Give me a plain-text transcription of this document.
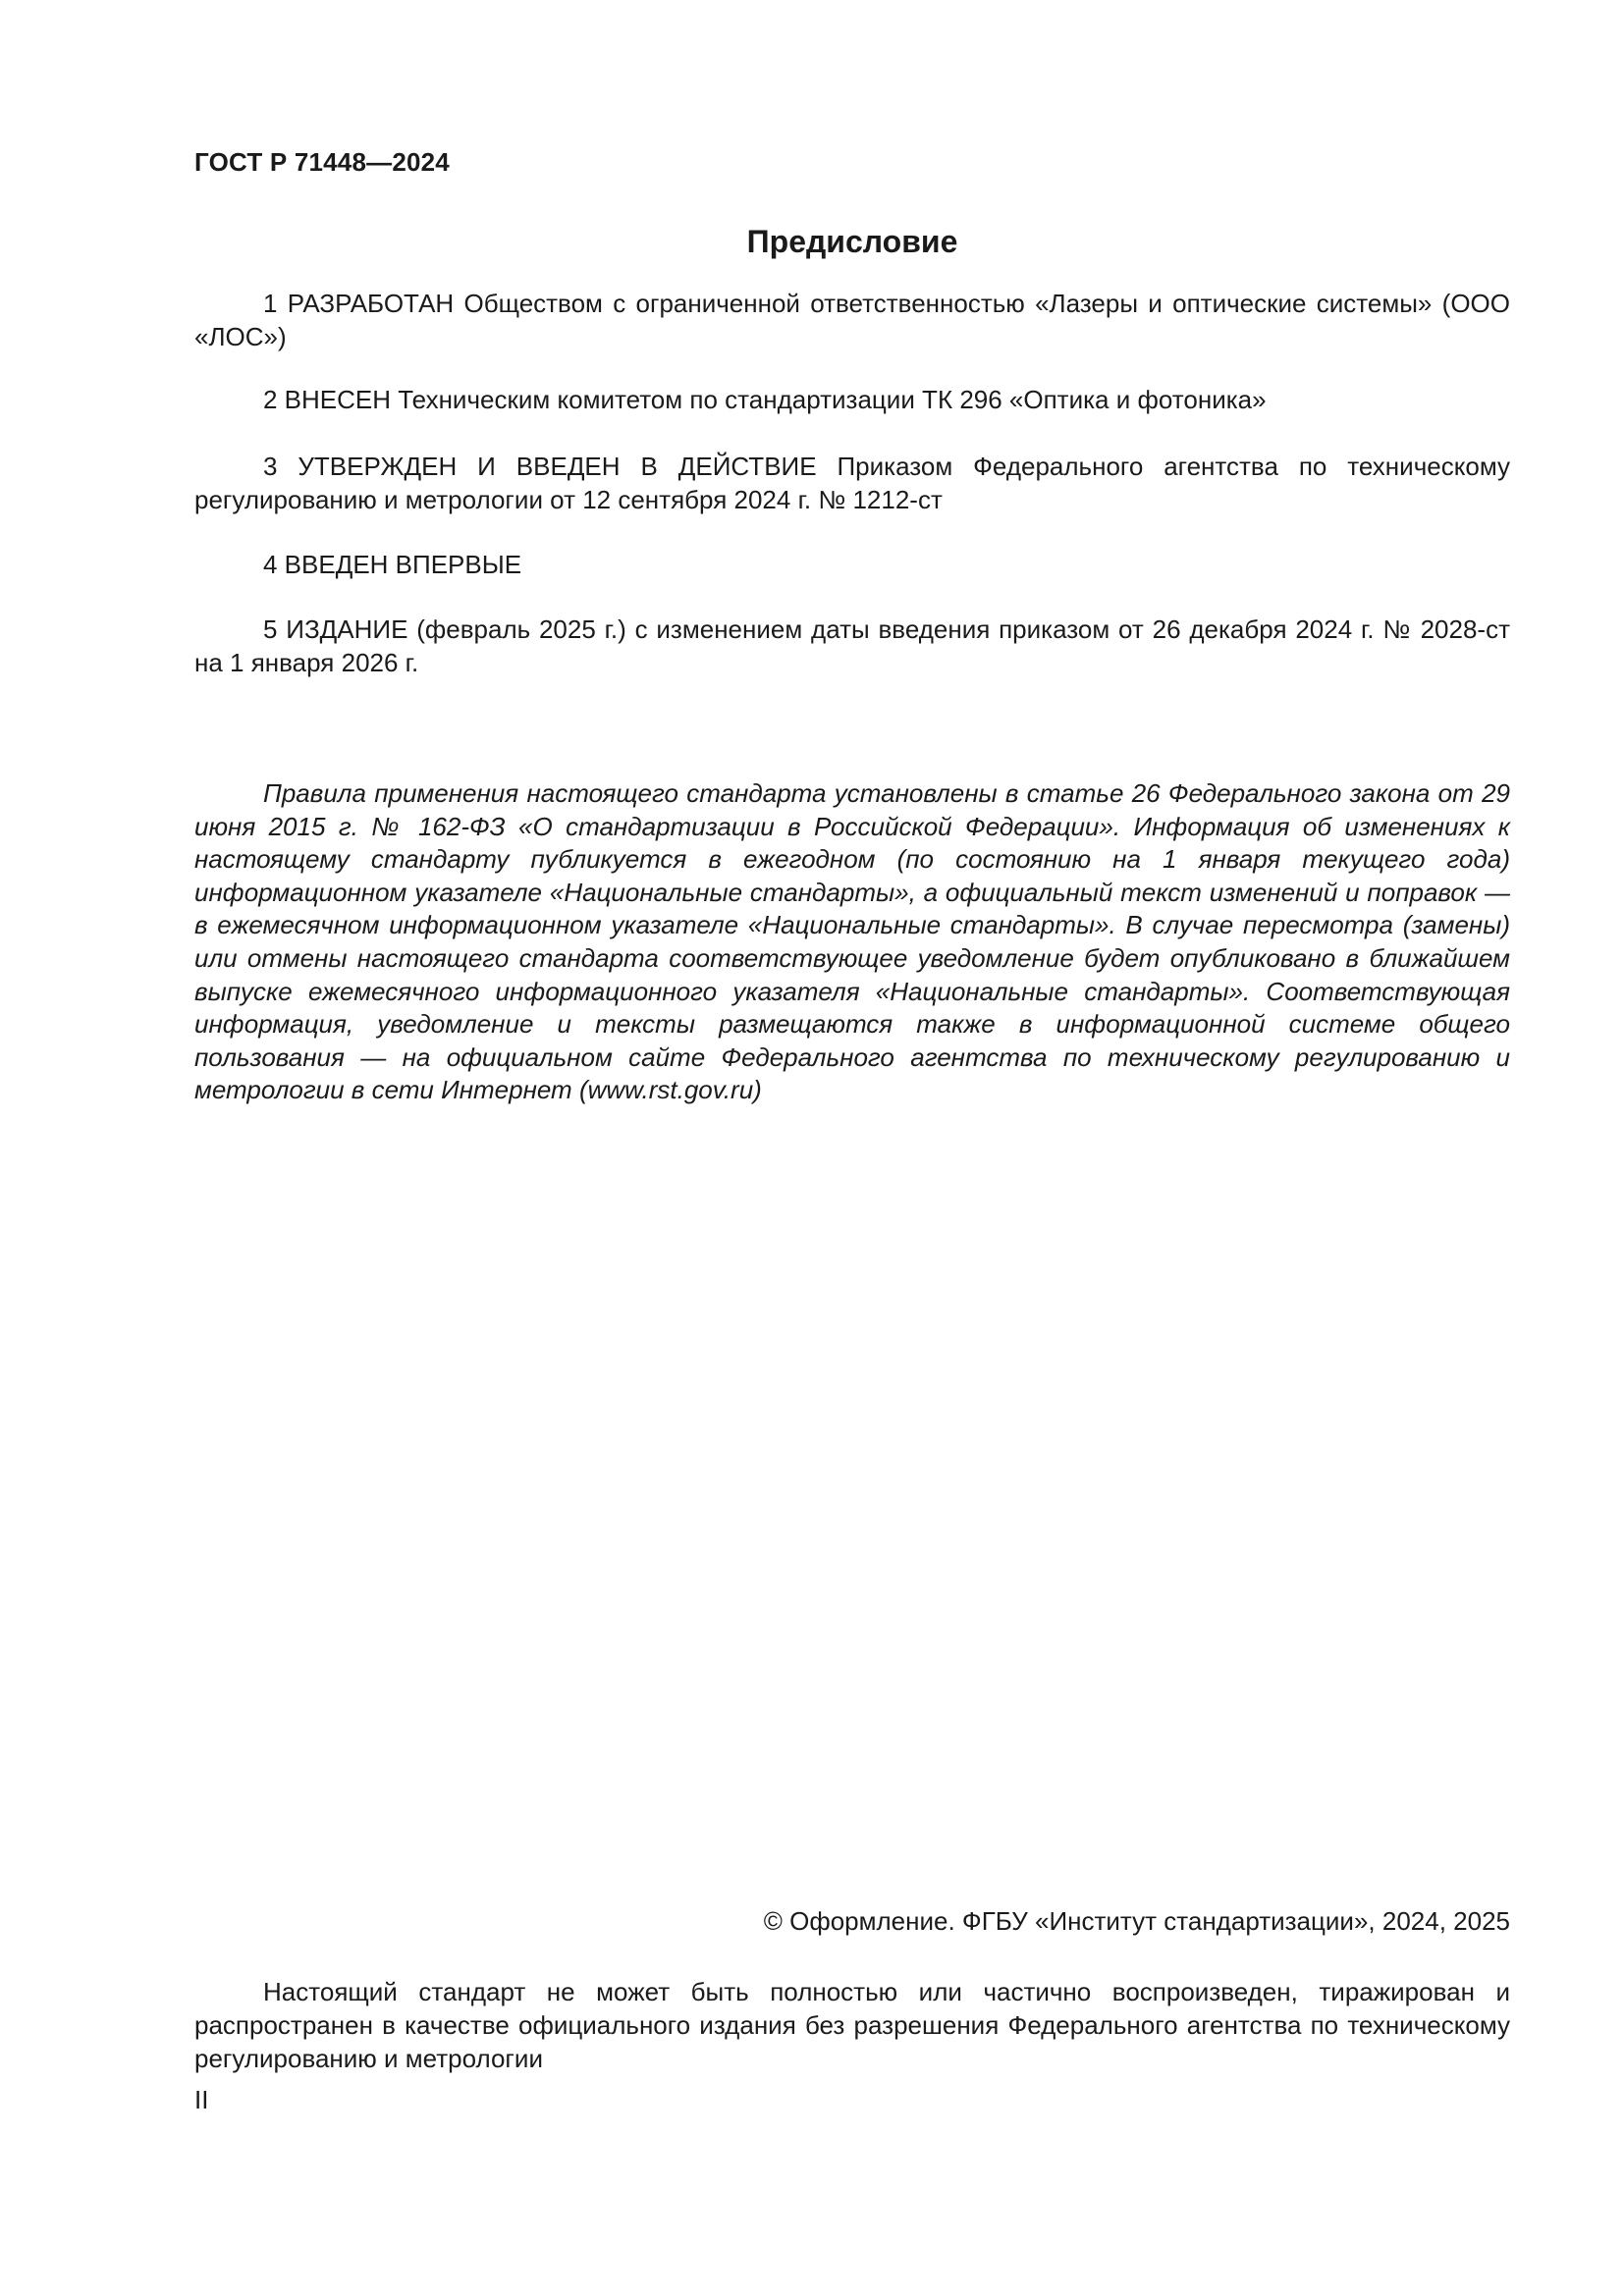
ГОСТ Р 71448—2024
Предисловие

1 РАЗРАБОТАН Обществом с ограниченной ответственностью «Лазеры и оптические системы» (ООО «ЛОС»)

2 ВНЕСЕН Техническим комитетом по стандартизации ТК 296 «Оптика и фотоника»

3 УТВЕРЖДЕН И ВВЕДЕН В ДЕЙСТВИЕ Приказом Федерального агентства по техническому регулированию и метрологии от 12 сентября 2024 г. № 1212-ст

4 ВВЕДЕН ВПЕРВЫЕ

5 ИЗДАНИЕ (февраль 2025 г.) с изменением даты введения приказом от 26 декабря 2024 г. № 2028-ст на 1 января 2026 г.

Правила применения настоящего стандарта установлены в статье 26 Федерального закона от 29 июня 2015 г. № 162-ФЗ «О стандартизации в Российской Федерации». Информация об изменениях к настоящему стандарту публикуется в ежегодном (по состоянию на 1 января текущего года) информационном указателе «Национальные стандарты», а официальный текст изменений и поправок — в ежемесячном информационном указателе «Национальные стандарты». В случае пересмотра (замены) или отмены настоящего стандарта соответствующее уведомление будет опубликовано в ближайшем выпуске ежемесячного информационного указателя «Национальные стандарты». Соответствующая информация, уведомление и тексты размещаются также в информационной системе общего пользования — на официальном сайте Федерального агентства по техническому регулированию и метрологии в сети Интернет (www.rst.gov.ru)

© Оформление. ФГБУ «Институт стандартизации», 2024, 2025

Настоящий стандарт не может быть полностью или частично воспроизведен, тиражирован и распространен в качестве официального издания без разрешения Федерального агентства по техническому регулированию и метрологии

II
